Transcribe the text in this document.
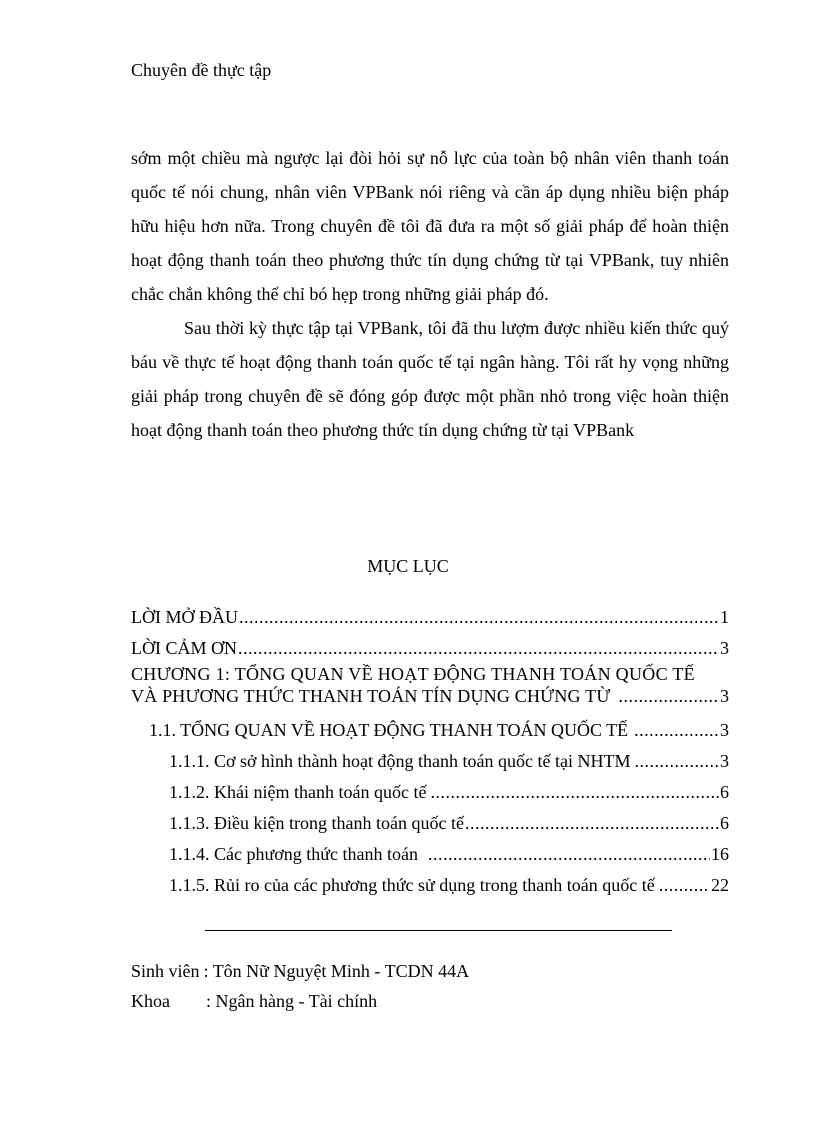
Chuyên đề thực tập
sớm một chiều mà ngược lại đòi hỏi sự nỗ lực của toàn bộ nhân viên thanh toán quốc tế nói chung, nhân viên VPBank nói riêng và cần áp dụng nhiều biện pháp hữu hiệu hơn nữa. Trong chuyên đề tôi đã đưa ra một số giải pháp để hoàn thiện hoạt động thanh toán theo phương thức tín dụng chứng từ tại VPBank, tuy nhiên chắc chắn không thể chỉ bó hẹp trong những giải pháp đó.
Sau thời kỳ thực tập tại VPBank, tôi đã thu lượm được nhiều kiến thức quý báu về thực tế hoạt động thanh toán quốc tế tại ngân hàng. Tôi rất hy vọng những giải pháp trong chuyên đề sẽ đóng góp được một phần nhỏ trong việc hoàn thiện hoạt động thanh toán theo phương thức tín dụng chứng từ tại VPBank
MỤC LỤC
LỜI MỞ ĐẦU .....	1
LỜI CẢM ƠN .....	3
CHƯƠNG 1: TỔNG QUAN VỀ HOẠT ĐỘNG THANH TOÁN QUỐC TẾ
VÀ PHƯƠNG THỨC THANH TOÁN TÍN DỤNG CHỨNG TỪ .....	3
1.1. TỔNG QUAN VỀ HOẠT ĐỘNG THANH TOÁN QUỐC TẾ .....	3
1.1.1. Cơ sở hình thành hoạt động thanh toán quốc tế tại NHTM .....	3
1.1.2. Khái niệm thanh toán quốc tế .....	6
1.1.3. Điều kiện trong thanh toán quốc tế .....	6
1.1.4. Các phương thức thanh toán .....	16
1.1.5. Rủi ro của các phương thức sử dụng trong thanh toán quốc tế .....	22
Sinh viên : Tôn Nữ Nguyệt Minh - TCDN 44A
Khoa	: Ngân hàng - Tài chính
